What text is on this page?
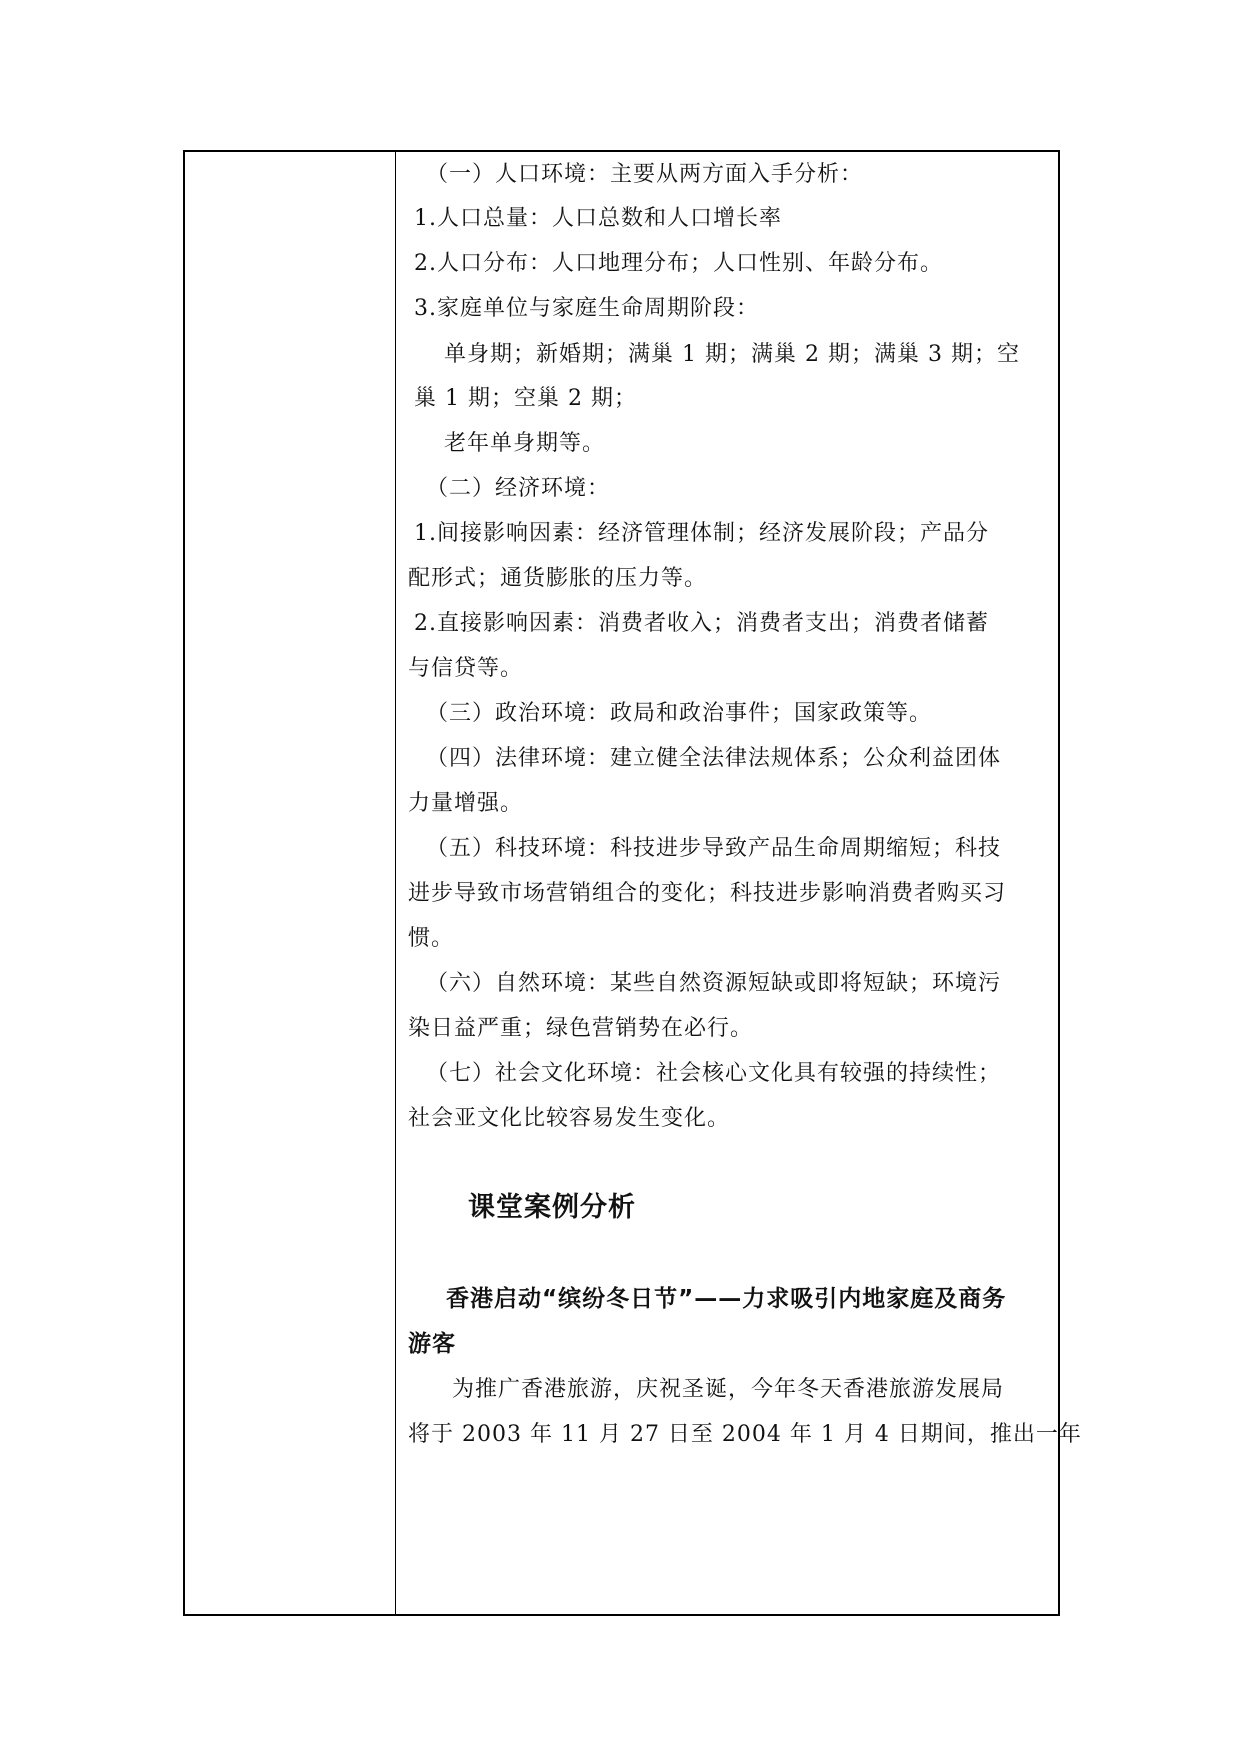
（一）人口环境：主要从两方面入手分析：
1.人口总量：人口总数和人口增长率
2.人口分布：人口地理分布；人口性别、年龄分布。
3.家庭单位与家庭生命周期阶段：
单身期；新婚期；满巢 1 期；满巢 2 期；满巢 3 期；空
巢 1 期；空巢 2 期；
老年单身期等。
（二）经济环境：
1.间接影响因素：经济管理体制；经济发展阶段；产品分
配形式；通货膨胀的压力等。
2.直接影响因素：消费者收入；消费者支出；消费者储蓄
与信贷等。
（三）政治环境：政局和政治事件；国家政策等。
（四）法律环境：建立健全法律法规体系；公众利益团体
力量增强。
（五）科技环境：科技进步导致产品生命周期缩短；科技
进步导致市场营销组合的变化；科技进步影响消费者购买习
惯。
（六）自然环境：某些自然资源短缺或即将短缺；环境污
染日益严重；绿色营销势在必行。
（七）社会文化环境：社会核心文化具有较强的持续性；
社会亚文化比较容易发生变化。
课堂案例分析
香港启动“缤纷冬日节”——力求吸引内地家庭及商务
游客
为推广香港旅游，庆祝圣诞，今年冬天香港旅游发展局
将于 2003 年 11 月 27 日至 2004 年 1 月 4 日期间，推出一年
